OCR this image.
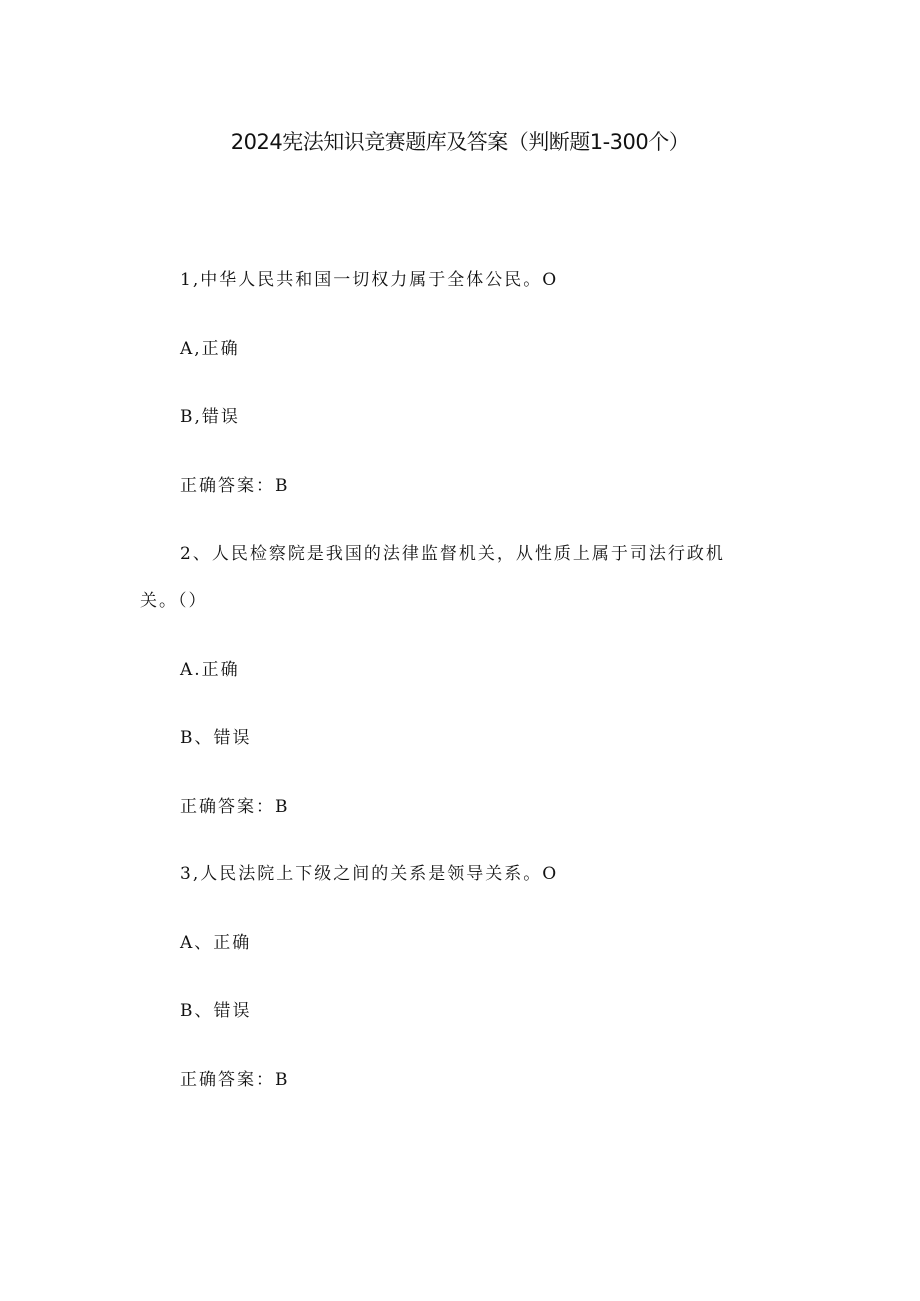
2024宪法知识竞赛题库及答案（判断题1-300个）
1,中华人民共和国一切权力属于全体公民。O
A,正确
B,错误
正确答案：B
2、人民检察院是我国的法律监督机关，从性质上属于司法行政机
关。（）
A.正确
B、错误
正确答案：B
3,人民法院上下级之间的关系是领导关系。O
A、正确
B、错误
正确答案：B
